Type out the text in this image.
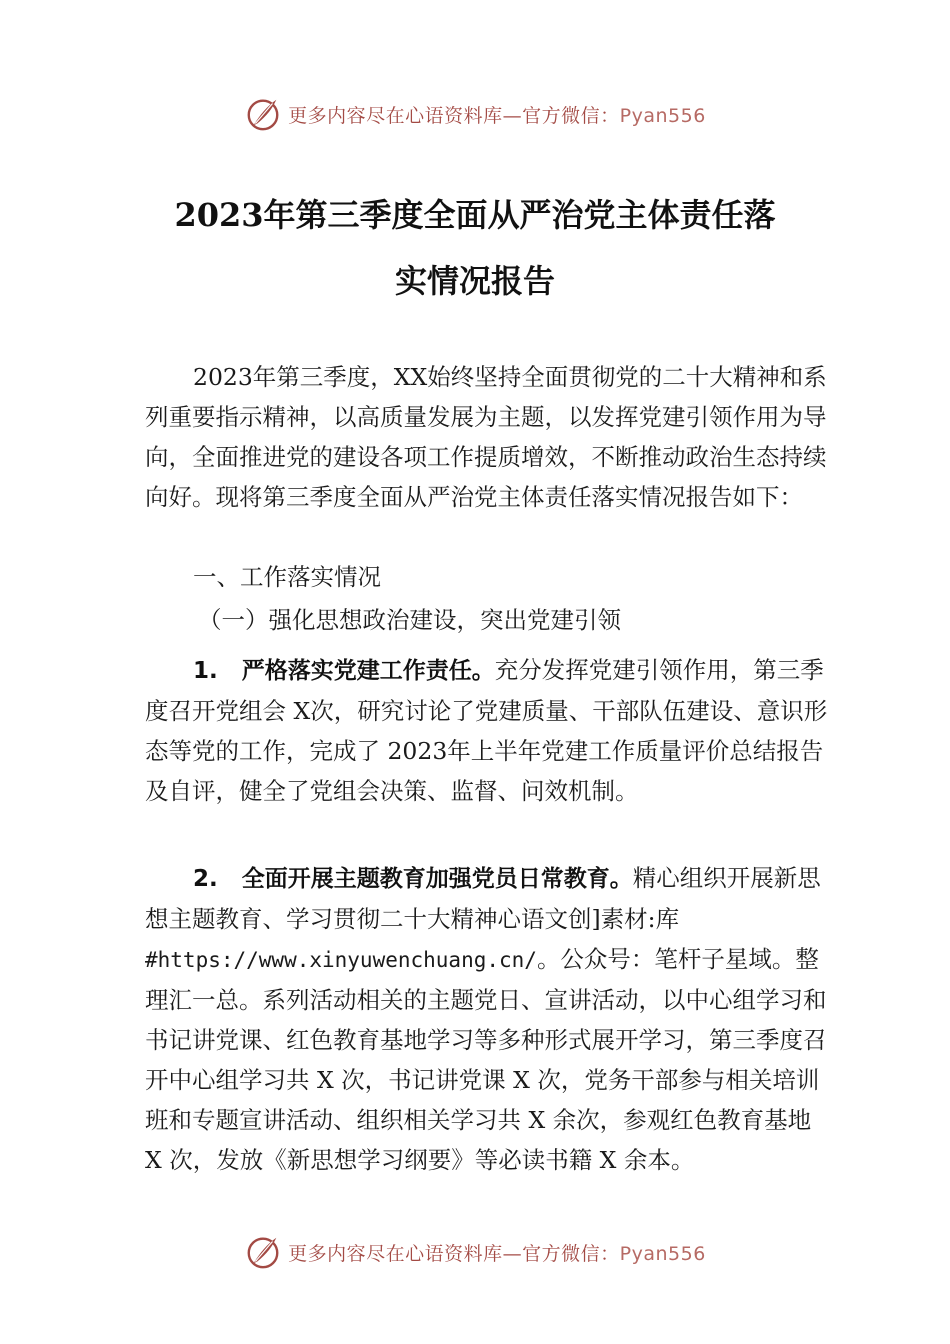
更多内容尽在心语资料库—官方微信：Pyan556
2023年第三季度全面从严治党主体责任落
实情况报告

2023年第三季度，XX始终坚持全面贯彻党的二十大精神和系列重要指示精神，以高质量发展为主题，以发挥党建引领作用为导向，全面推进党的建设各项工作提质增效，不断推动政治生态持续向好。现将第三季度全面从严治党主体责任落实情况报告如下：

一、工作落实情况

（一）强化思想政治建设，突出党建引领

1. 严格落实党建工作责任。充分发挥党建引领作用，第三季度召开党组会 X次，研究讨论了党建质量、干部队伍建设、意识形态等党的工作，完成了 2023年上半年党建工作质量评价总结报告及自评，健全了党组会决策、监督、问效机制。

2. 全面开展主题教育加强党员日常教育。精心组织开展新思想主题教育、学习贯彻二十大精神心语文创]素材:库#https://www.xinyuwenchuang.cn/。公众号：笔杆子星域。整理汇一总。系列活动相关的主题党日、宣讲活动，以中心组学习和书记讲党课、红色教育基地学习等多种形式展开学习，第三季度召开中心组学习共 X 次，书记讲党课 X 次，党务干部参与相关培训班和专题宣讲活动、组织相关学习共 X 余次，参观红色教育基地 X 次，发放《新思想学习纲要》等必读书籍 X 余本。

更多内容尽在心语资料库—官方微信：Pyan556
